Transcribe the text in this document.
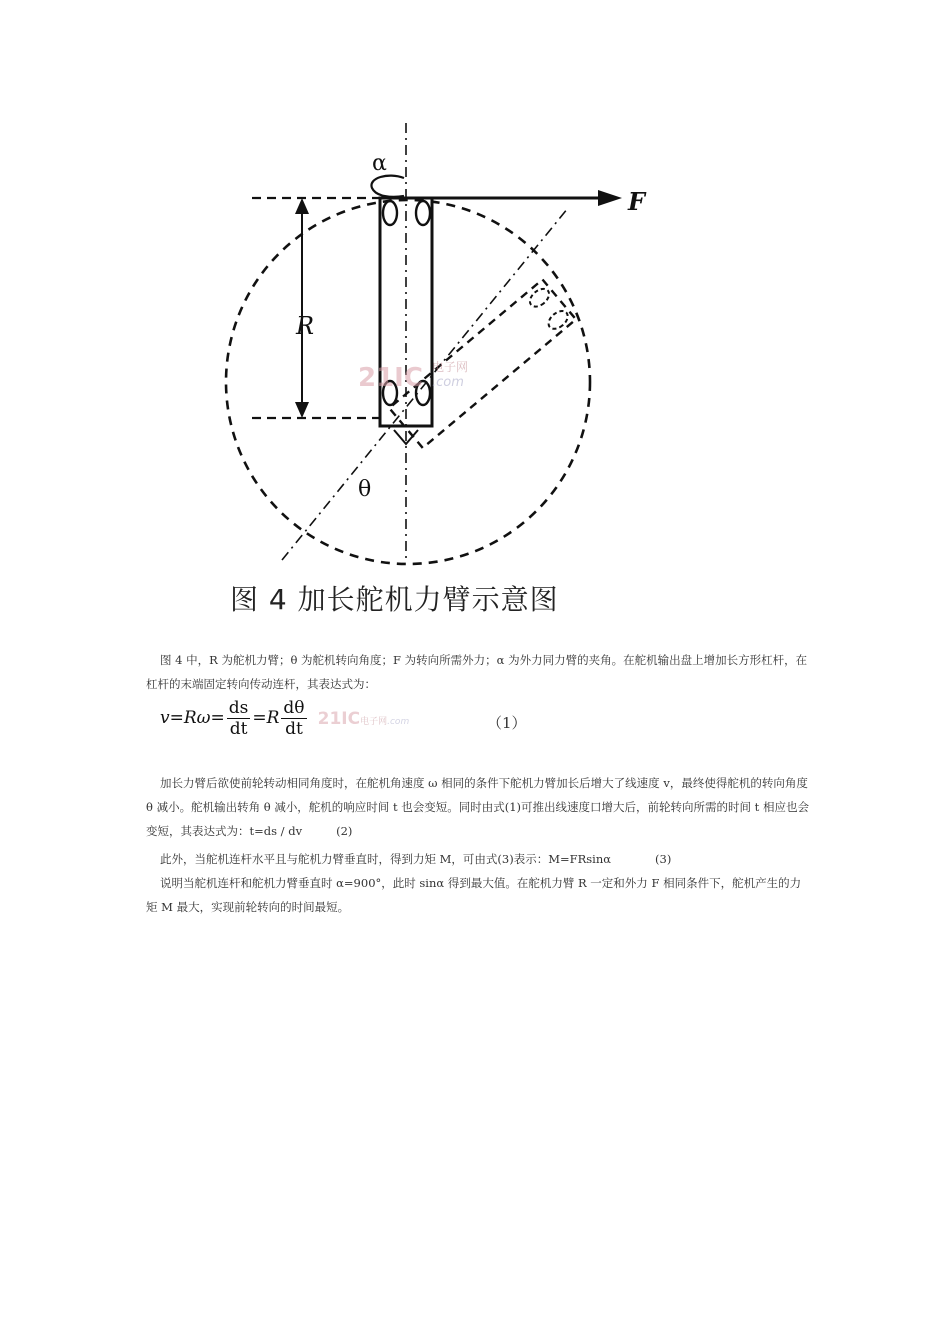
α
F
R
θ
21IC 电子网
.com
图 4 加长舵机力臂示意图
图 4 中，R 为舵机力臂；θ 为舵机转向角度；F 为转向所需外力；α 为外力同力臂的夹角。在舵机输出盘上增加长方形杠杆，在杠杆的末端固定转向传动连杆，其表达式为：
$v=R\omega= \frac{ds}{dt} =R \frac{d\theta}{dt} 21IC$电子网.com	（1）
加长力臂后欲使前轮转动相同角度时，在舵机角速度 ω 相同的条件下舵机力臂加长后增大了线速度 v，最终使得舵机的转向角度 θ 减小。舵机输出转角 θ 减小，舵机的响应时间 t 也会变短。同时由式(1)可推出线速度口增大后，前轮转向所需的时间 t 相应也会变短，其表达式为：t=ds / dv	(2)
此外，当舵机连杆水平且与舵机力臂垂直时，得到力矩 M，可由式(3)表示：M=FRsinα	(3)
说明当舵机连杆和舵机力臂垂直时 α=900°，此时 sinα 得到最大值。在舵机力臂 R 一定和外力 F 相同条件下，舵机产生的力矩 M 最大，实现前轮转向的时间最短。
